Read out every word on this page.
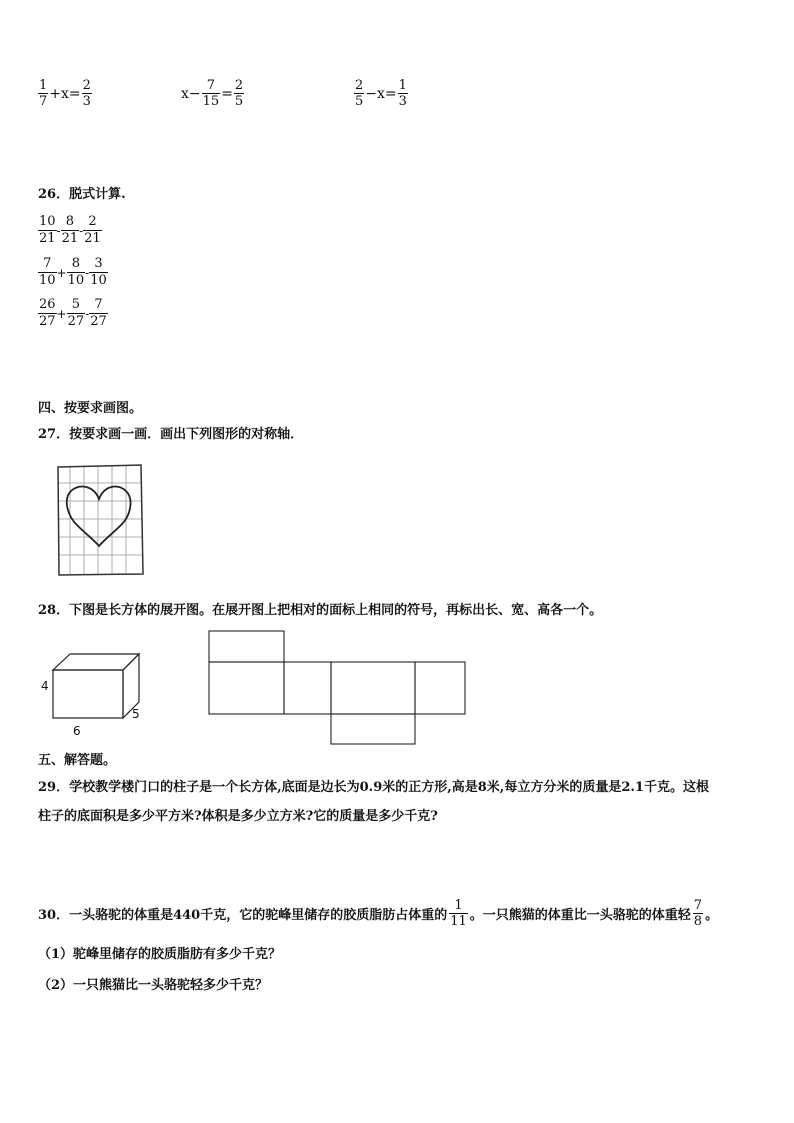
$\frac{1}{7} +x= \frac{2}{3}$	$x- \frac{7}{15} = \frac{2}{5}$	$\frac{2}{5} -x= \frac{1}{3}$
26．脱式计算.
$\frac{10}{21} - \frac{8}{21} - \frac{2}{21}$
$\frac{7}{10} + \frac{8}{10} - \frac{3}{10}$
$\frac{26}{27} + \frac{5}{27} - \frac{7}{27}$
四、按要求画图。
27．按要求画一画．画出下列图形的对称轴．
28．下图是长方体的展开图。在展开图上把相对的面标上相同的符号，再标出长、宽、高各一个。
4
6
5
五、解答题。
29．学校教学楼门口的柱子是一个长方体,底面是边长为0.9米的正方形,高是8米,每立方分米的质量是2.1千克。这根
柱子的底面积是多少平方米?体积是多少立方米?它的质量是多少千克?
30．一头骆驼的体重是440千克，它的驼峰里储存的胶质脂肪占体重的 $\frac{1}{11}$ 。一只熊猫的体重比一头骆驼的体重轻 $\frac{7}{8}$ 。
（1）驼峰里储存的胶质脂肪有多少千克？
（2）一只熊猫比一头骆驼轻多少千克？
